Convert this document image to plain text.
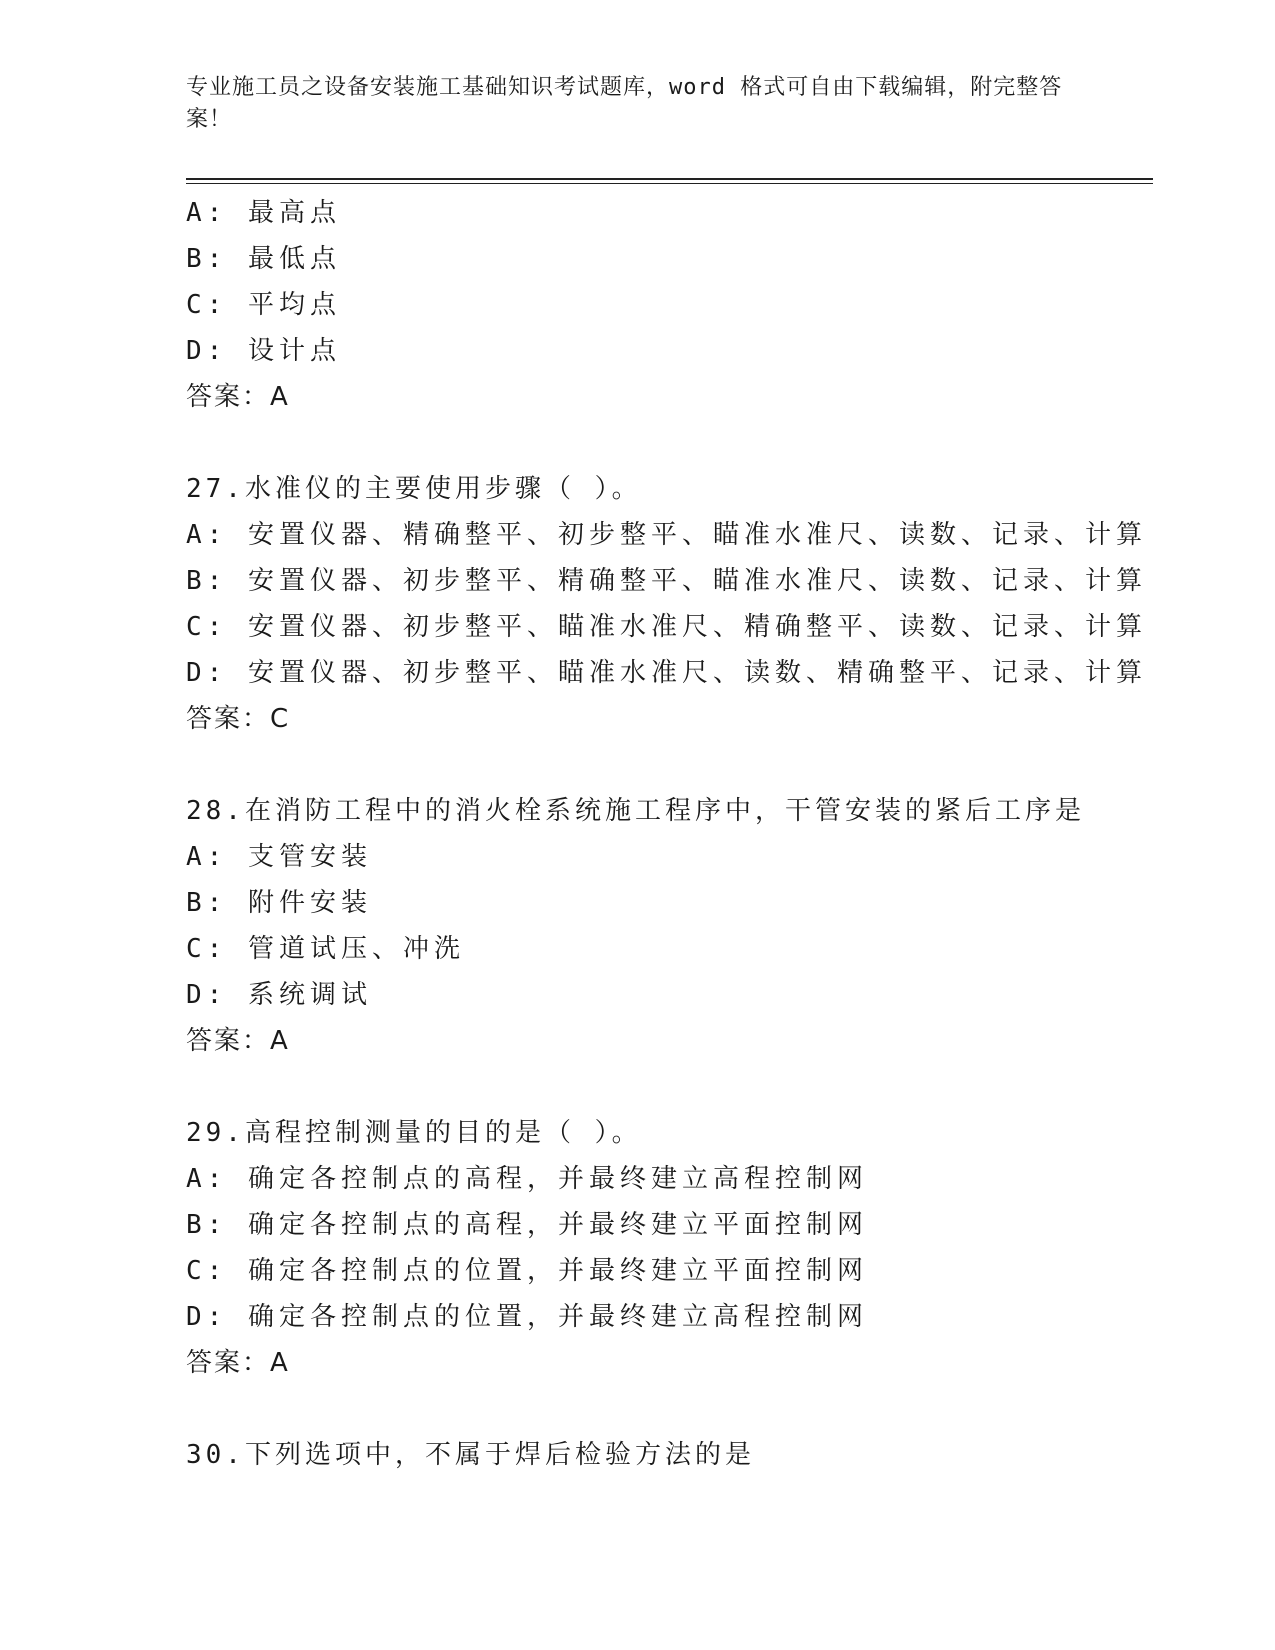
专业施工员之设备安装施工基础知识考试题库，word 格式可自由下载编辑，附完整答案！
A: 最高点
B: 最低点
C: 平均点
D: 设计点
答案：A
27.水准仪的主要使用步骤（ ）。
A: 安置仪器、精确整平、初步整平、瞄准水准尺、读数、记录、计算
B: 安置仪器、初步整平、精确整平、瞄准水准尺、读数、记录、计算
C: 安置仪器、初步整平、瞄准水准尺、精确整平、读数、记录、计算
D: 安置仪器、初步整平、瞄准水准尺、读数、精确整平、记录、计算
答案：C
28.在消防工程中的消火栓系统施工程序中，干管安装的紧后工序是
A: 支管安装
B: 附件安装
C: 管道试压、冲洗
D: 系统调试
答案：A
29.高程控制测量的目的是（ ）。
A: 确定各控制点的高程，并最终建立高程控制网
B: 确定各控制点的高程，并最终建立平面控制网
C: 确定各控制点的位置，并最终建立平面控制网
D: 确定各控制点的位置，并最终建立高程控制网
答案：A
30.下列选项中，不属于焊后检验方法的是
